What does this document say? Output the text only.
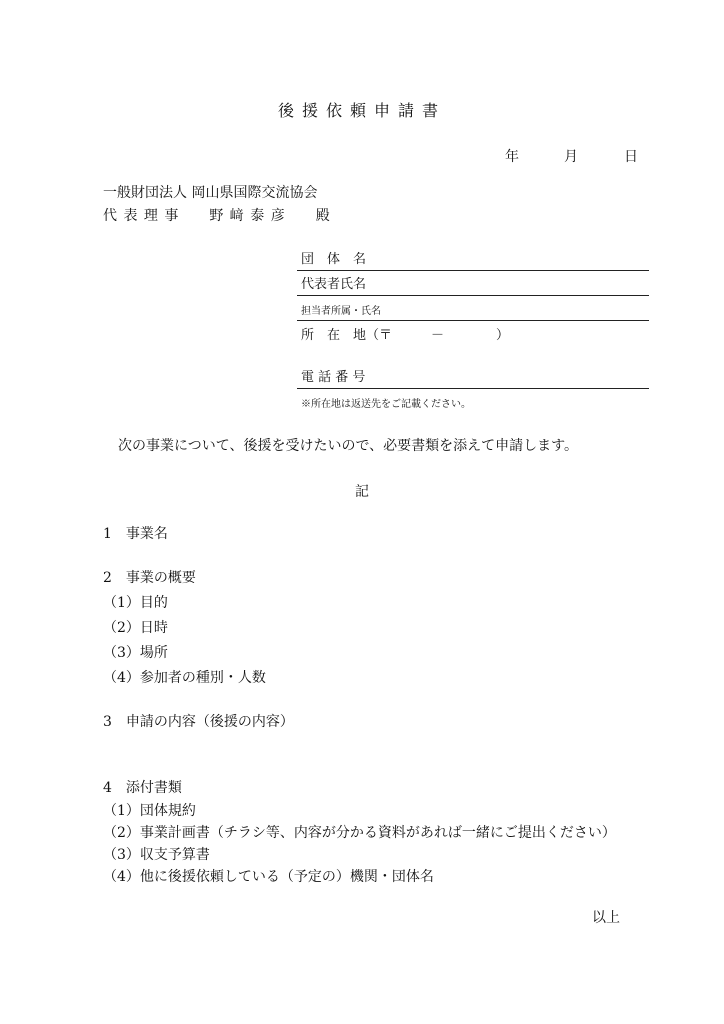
後援依頼申請書
年	月	日
一般財団法人 岡山県国際交流協会
代 表 理 事　　野 﨑 泰 彦　　殿
団　体　名
代表者氏名
担当者所属・氏名
所　在　地（〒　　　－　　　　）
電 話 番 号
※所在地は返送先をご記載ください。
次の事業について、後援を受けたいので、必要書類を添えて申請します。
記
1　事業名
2　事業の概要
（1）目的
（2）日時
（3）場所
（4）参加者の種別・人数
3　申請の内容（後援の内容）
4　添付書類
（1）団体規約
（2）事業計画書（チラシ等、内容が分かる資料があれば一緒にご提出ください）
（3）収支予算書
（4）他に後援依頼している（予定の）機関・団体名
以上
